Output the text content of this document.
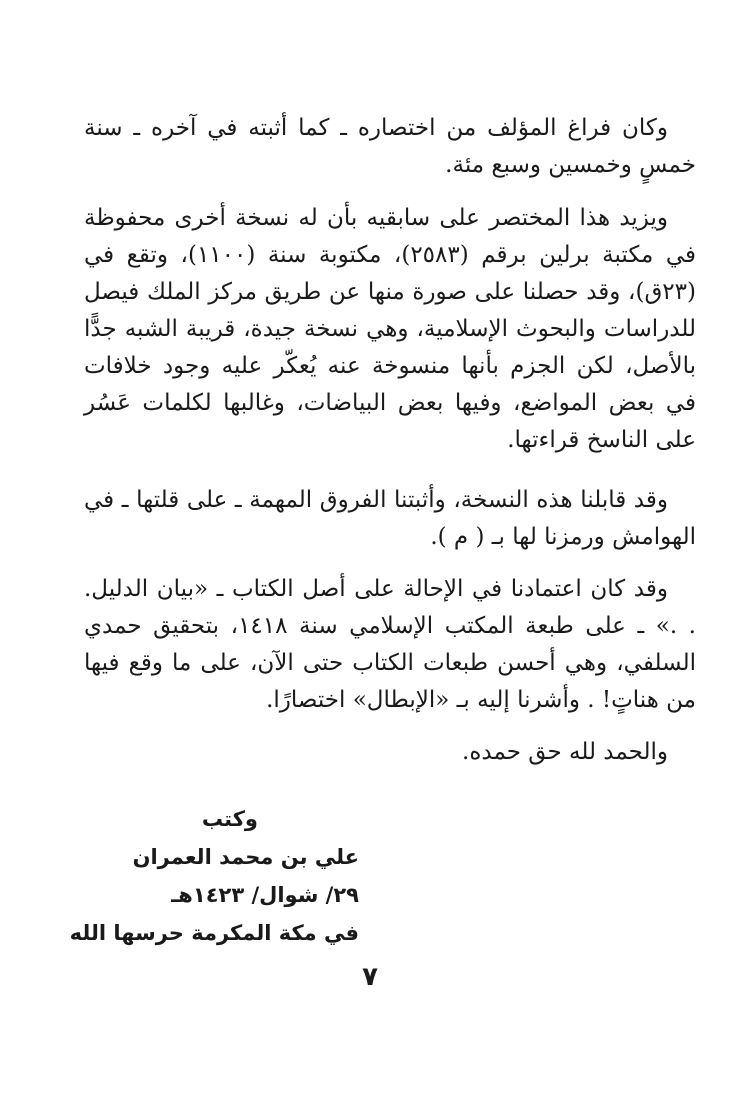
وكان فراغ المؤلف من اختصاره ـ كما أثبته في آخره ـ سنة خمسٍ وخمسين وسبع مئة.

ويزيد هذا المختصر على سابقيه بأن له نسخة أخرى محفوظة في مكتبة برلين برقم (٢٥٨٣)، مكتوبة سنة (١١٠٠)، وتقع في (٢٣ق)، وقد حصلنا على صورة منها عن طريق مركز الملك فيصل للدراسات والبحوث الإسلامية، وهي نسخة جيدة، قريبة الشبه جدًّا بالأصل، لكن الجزم بأنها منسوخة عنه يُعكّر عليه وجود خلافات في بعض المواضع، وفيها بعض البياضات، وغالبها لكلمات عَسُر على الناسخ قراءتها.

وقد قابلنا هذه النسخة، وأثبتنا الفروق المهمة ـ على قلتها ـ في الهوامش ورمزنا لها بـ ( م ).

وقد كان اعتمادنا في الإحالة على أصل الكتاب ـ «بيان الدليل. . .» ـ على طبعة المكتب الإسلامي سنة ١٤١٨، بتحقيق حمدي السلفي، وهي أحسن طبعات الكتاب حتى الآن، على ما وقع فيها من هناتٍ! . وأشرنا إليه بـ «الإبطال» اختصارًا.

والحمد لله حق حمده.

وكتب
علي بن محمد العمران
٢٩/ شوال/ ١٤٢٣هـ
في مكة المكرمة حرسها الله
٧
